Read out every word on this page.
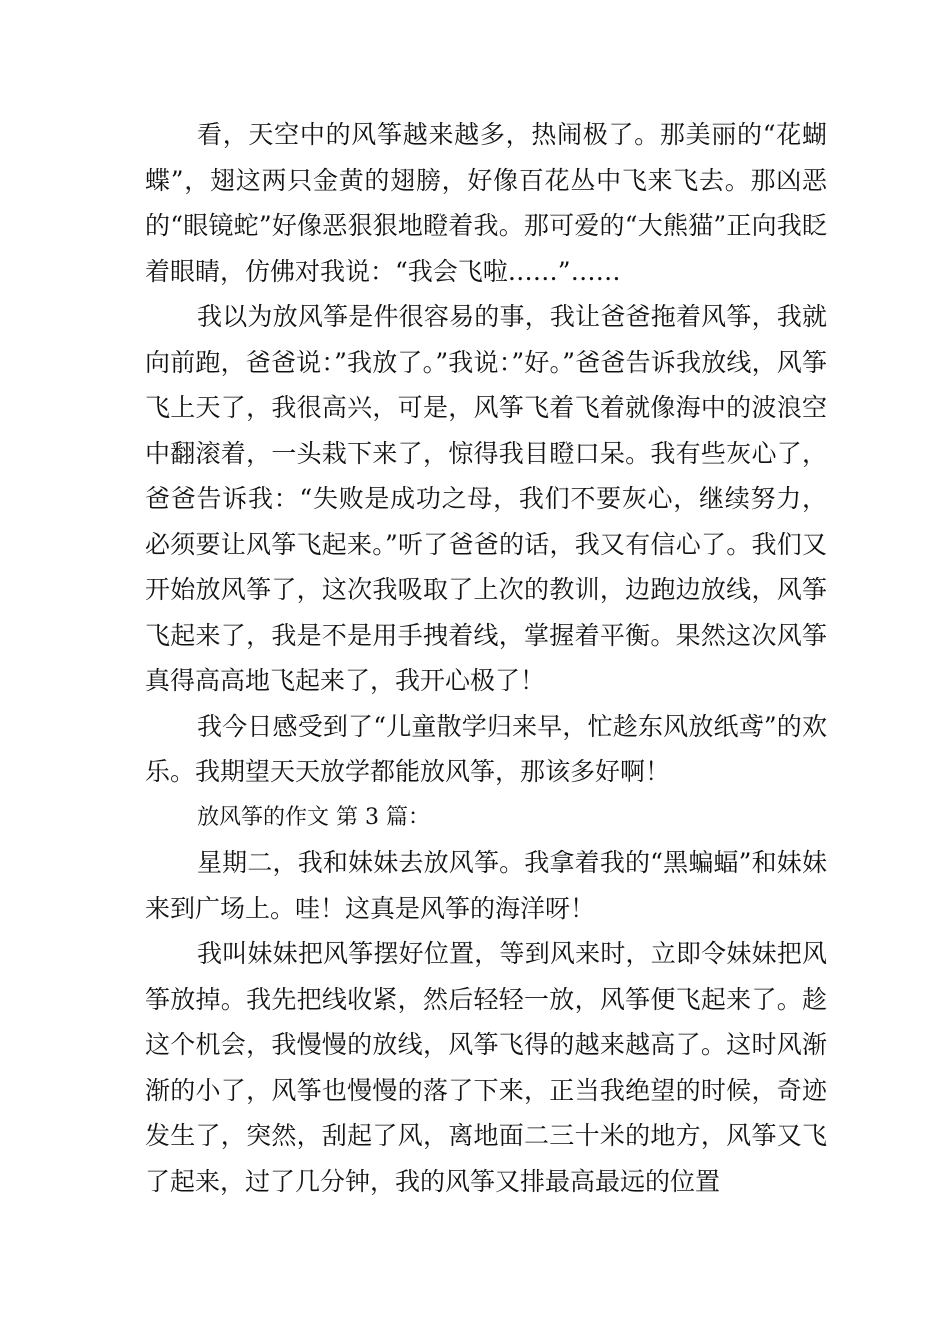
看，天空中的风筝越来越多，热闹极了。那美丽的“花蝴蝶”，翅这两只金黄的翅膀，好像百花丛中飞来飞去。那凶恶的“眼镜蛇”好像恶狠狠地瞪着我。那可爱的“大熊猫”正向我眨着眼睛，仿佛对我说：“我会飞啦……”……

我以为放风筝是件很容易的事，我让爸爸拖着风筝，我就向前跑，爸爸说：”我放了。”我说：”好。”爸爸告诉我放线，风筝飞上天了，我很高兴，可是，风筝飞着飞着就像海中的波浪空中翻滚着，一头栽下来了，惊得我目瞪口呆。我有些灰心了，爸爸告诉我：“失败是成功之母，我们不要灰心，继续努力，必须要让风筝飞起来。”听了爸爸的话，我又有信心了。我们又开始放风筝了，这次我吸取了上次的教训，边跑边放线，风筝飞起来了，我是不是用手拽着线，掌握着平衡。果然这次风筝真得高高地飞起来了，我开心极了！

我今日感受到了“儿童散学归来早，忙趁东风放纸鸢”的欢乐。我期望天天放学都能放风筝，那该多好啊！

放风筝的作文 第 3 篇：

星期二，我和妹妹去放风筝。我拿着我的“黑蝙蝠”和妹妹来到广场上。哇！这真是风筝的海洋呀！

我叫妹妹把风筝摆好位置，等到风来时，立即令妹妹把风筝放掉。我先把线收紧，然后轻轻一放，风筝便飞起来了。趁这个机会，我慢慢的放线，风筝飞得的越来越高了。这时风渐渐的小了，风筝也慢慢的落了下来，正当我绝望的时候，奇迹发生了，突然，刮起了风，离地面二三十米的地方，风筝又飞了起来，过了几分钟，我的风筝又排最高最远的位置
